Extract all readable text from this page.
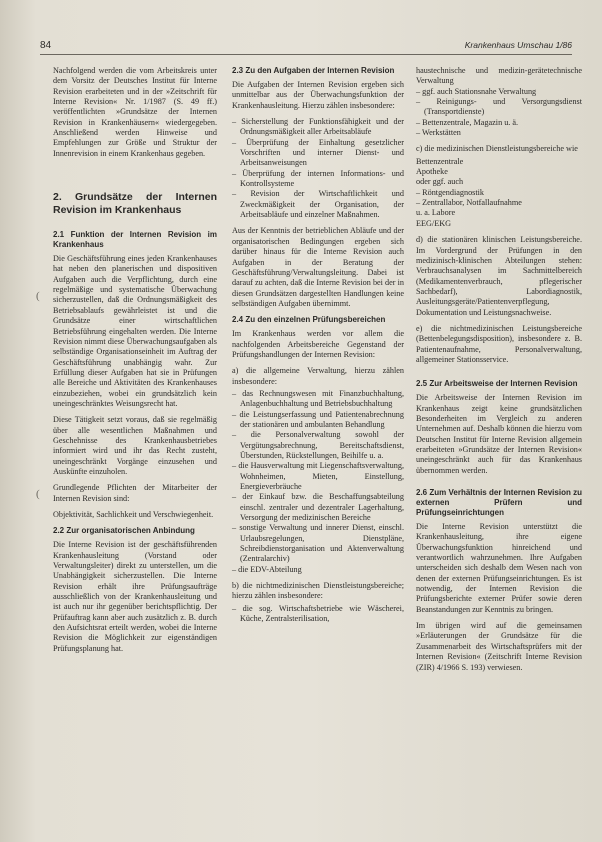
84	Krankenhaus Umschau 1/86
(
(

Nachfolgend werden die vom Arbeitskreis unter dem Vorsitz der Deutsches Institut für Interne Revision erarbeiteten und in der »Zeitschrift für Interne Revision« Nr. 1/1987 (S. 49 ff.) veröffentlichten »Grundsätze der Internen Revision in Krankenhäusern« wiedergegeben. Anschließend werden Hinweise und Empfehlungen zur Größe und Struktur der Innenrevision in einem Krankenhaus gegeben.

2. Grundsätze der Internen Revision im Krankenhaus
2.1 Funktion der Internen Revision im Krankenhaus

Die Geschäftsführung eines jeden Krankenhauses hat neben den planerischen und dispositiven Aufgaben auch die Verpflichtung, durch eine regelmäßige und systematische Überwachung sicherzustellen, daß die Ordnungsmäßigkeit des Betriebsablaufs gewährleistet ist und die Grundsätze einer wirtschaftlichen Betriebsführung eingehalten werden. Die Interne Revision nimmt diese Überwachungsaufgaben als selbständige Organisationseinheit im Auftrag der Geschäftsführung unabhängig wahr. Zur Erfüllung dieser Aufgaben hat sie in Prüfungen alle Bereiche und Aktivitäten des Krankenhauses einzubeziehen, wobei ein grundsätzlich kein uneingeschränktes Weisungsrecht hat.

Diese Tätigkeit setzt voraus, daß sie regelmäßig über alle wesentlichen Maßnahmen und Geschehnisse des Krankenhausbetriebes informiert wird und ihr das Recht zusteht, uneingeschränkt Vorgänge einzusehen und Auskünfte einzuholen.

Grundlegende Pflichten der Mitarbeiter der Internen Revision sind:

Objektivität, Sachlichkeit und Verschwiegenheit.

2.2 Zur organisatorischen Anbindung

Die Interne Revision ist der geschäftsführenden Krankenhausleitung (Vorstand oder Verwaltungsleiter) direkt zu unterstellen, um die Unabhängigkeit sicherzustellen. Die Interne Revision erhält ihre Prüfungsaufträge ausschließlich von der Krankenhausleitung und ist auch nur ihr gegenüber berichtspflichtig. Der Prüfauftrag kann aber auch zusätzlich z. B. durch den Aufsichtsrat erteilt werden, wobei die Interne Revision die Möglichkeit zur eigenständigen Prüfungsplanung hat.

2.3 Zu den Aufgaben der Internen Revision

Die Aufgaben der Internen Revision ergeben sich unmittelbar aus der Überwachungsfunktion der Krankenhausleitung. Hierzu zählen insbesondere:

– Sicherstellung der Funktionsfähigkeit und der Ordnungsmäßigkeit aller Arbeitsabläufe
– Überprüfung der Einhaltung gesetzlicher Vorschriften und interner Dienst- und Arbeitsanweisungen
– Überprüfung der internen Informations- und Kontrollsysteme
– Revision der Wirtschaftlichkeit und Zweckmäßigkeit der Organisation, der Arbeitsabläufe und einzelner Maßnahmen.

Aus der Kenntnis der betrieblichen Abläufe und der organisatorischen Bedingungen ergeben sich darüber hinaus für die Interne Revision auch Aufgaben in der Beratung der Geschäftsführung/Verwaltungsleitung. Dabei ist darauf zu achten, daß die Interne Revision bei der in diesen Grundsätzen dargestellten Handlungen keine selbständigen Aufgaben übernimmt.

2.4 Zu den einzelnen Prüfungsbereichen

Im Krankenhaus werden vor allem die nachfolgenden Arbeitsbereiche Gegenstand der Prüfungshandlungen der Internen Revision:

a) die allgemeine Verwaltung, hierzu zählen insbesondere:

– das Rechnungswesen mit Finanzbuchhaltung, Anlagenbuchhaltung und Betriebsbuchhaltung
– die Leistungserfassung und Patientenabrechnung der stationären und ambulanten Behandlung
– die Personalverwaltung sowohl der Vergütungsabrechnung, Bereitschaftsdienst, Überstunden, Rückstellungen, Beihilfe u. a.
– die Hausverwaltung mit Liegenschaftsverwaltung, Wohnheimen, Mieten, Einstellung, Energieverbräuche
– der Einkauf bzw. die Beschaffungsabteilung einschl. zentraler und dezentraler Lagerhaltung, Versorgung der medizinischen Bereiche
– sonstige Verwaltung und innerer Dienst, einschl. Urlaubsregelungen, Dienstpläne, Schreibdienstorganisation und Aktenverwaltung (Zentralarchiv)
– die EDV-Abteilung

b) die nichtmedizinischen Dienstleistungsbereiche; hierzu zählen insbesondere:

– die sog. Wirtschaftsbetriebe wie Wäscherei, Küche, Zentralsterilisation,
haustechnische und medizin-gerätetechnische Verwaltung
– ggf. auch Stationsnahe Verwaltung
– Reinigungs- und Versorgungsdienst (Transportdienste)
– Bettenzentrale, Magazin u. ä.
– Werkstätten

c) die medizinischen Dienstleistungsbereiche wie

Bettenzentrale
Apotheke
oder ggf. auch
– Röntgendiagnostik
– Zentrallabor, Notfallaufnahme
u. a. Labore
EEG/EKG

d) die stationären klinischen Leistungsbereiche. Im Vordergrund der Prüfungen in den medizinisch-klinischen Abteilungen stehen: Verbrauchsanalysen im Sachmittelbereich (Medikamentenverbrauch, pflegerischer Sachbedarf), Labordiagnostik, Ausleitungsgeräte/Patientenverpflegung, Dokumentation und Leistungsnachweise.

e) die nichtmedizinischen Leistungsbereiche (Bettenbelegungsdisposition), insbesondere z. B. Patientenaufnahme, Personalverwaltung, allgemeiner Stationsservice.

2.5 Zur Arbeitsweise der Internen Revision

Die Arbeitsweise der Internen Revision im Krankenhaus zeigt keine grundsätzlichen Besonderheiten im Vergleich zu anderen Unternehmen auf. Deshalb können die hierzu vom Deutschen Institut für Interne Revision allgemein erarbeiteten »Grundsätze der Internen Revision« uneingeschränkt auch für das Krankenhaus übernommen werden.

2.6 Zum Verhältnis der Internen Revision zu externen Prüfern und Prüfungseinrichtungen

Die Interne Revision unterstützt die Krankenhausleitung, ihre eigene Überwachungsfunktion hinreichend und verantwortlich wahrzunehmen. Ihre Aufgaben unterscheiden sich deshalb dem Wesen nach von denen der externen Prüfungseinrichtungen. Es ist notwendig, der Internen Revision die Prüfungsberichte externer Prüfer sowie deren Beanstandungen zur Kenntnis zu bringen.

Im übrigen wird auf die gemeinsamen »Erläuterungen der Grundsätze für die Zusammenarbeit des Wirtschaftsprüfers mit der Internen Revision« (Zeitschrift Interne Revision (ZIR) 4/1966 S. 193) verwiesen.
